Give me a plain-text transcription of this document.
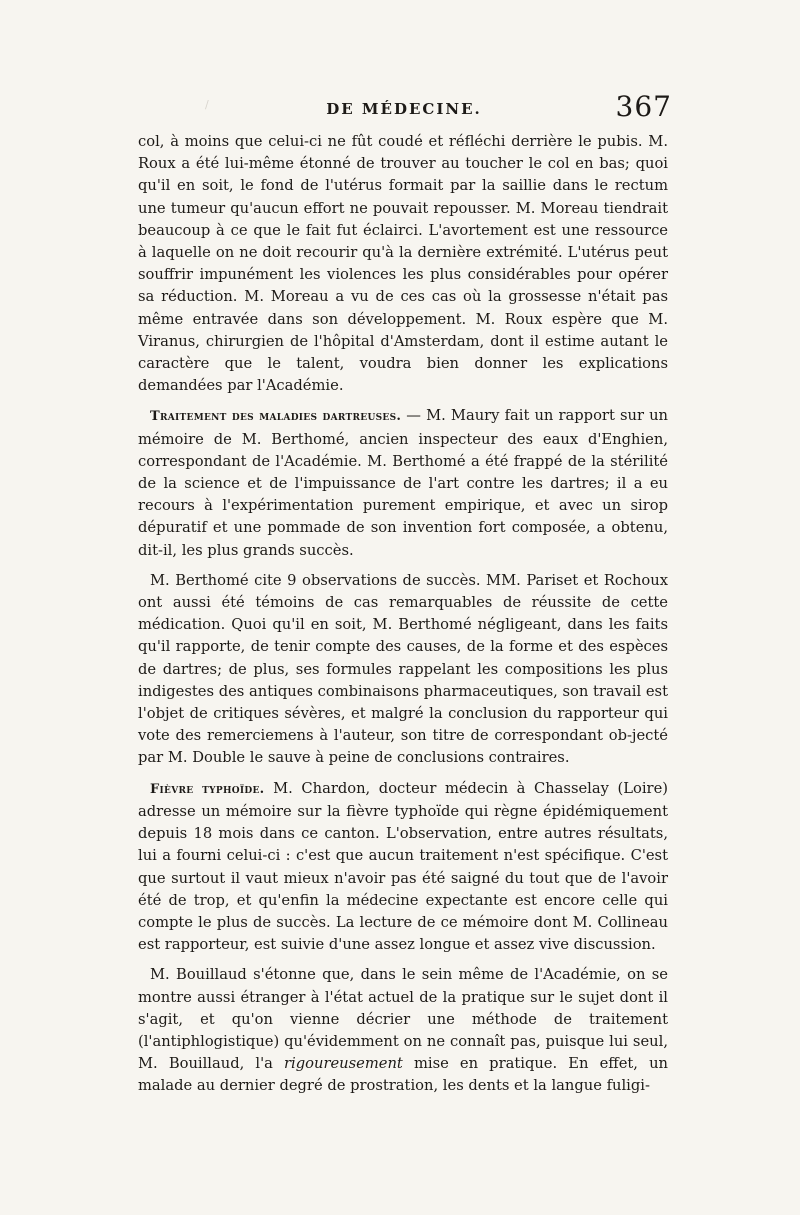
DE MÉDECINE.	367

col, à moins que celui-ci ne fût coudé et réfléchi derrière le pubis. M. Roux a été lui-même étonné de trouver au toucher le col en bas; quoi qu'il en soit, le fond de l'utérus formait par la saillie dans le rectum une tumeur qu'aucun effort ne pouvait repousser. M. Moreau tiendrait beaucoup à ce que le fait fut éclairci. L'avortement est une ressource à laquelle on ne doit recourir qu'à la dernière extrémité. L'utérus peut souffrir impunément les violences les plus considérables pour opérer sa réduction. M. Moreau a vu de ces cas où la grossesse n'était pas même entravée dans son développement. M. Roux espère que M. Viranus, chirurgien de l'hôpital d'Amsterdam, dont il estime autant le caractère que le talent, voudra bien donner les explications demandées par l'Académie.

Traitement des maladies dartreuses. — M. Maury fait un rapport sur un mémoire de M. Berthomé, ancien inspecteur des eaux d'Enghien, correspondant de l'Académie. M. Berthomé a été frappé de la stérilité de la science et de l'impuissance de l'art contre les dartres; il a eu recours à l'expérimentation purement empirique, et avec un sirop dépuratif et une pommade de son invention fort composée, a obtenu, dit-il, les plus grands succès.

M. Berthomé cite 9 observations de succès. MM. Pariset et Rochoux ont aussi été témoins de cas remarquables de réussite de cette médication. Quoi qu'il en soit, M. Berthomé négligeant, dans les faits qu'il rapporte, de tenir compte des causes, de la forme et des espèces de dartres; de plus, ses formules rappelant les compositions les plus indigestes des antiques combinaisons pharmaceutiques, son travail est l'objet de critiques sévères, et malgré la conclusion du rapporteur qui vote des remerciemens à l'auteur, son titre de correspondant ob-jecté par M. Double le sauve à peine de conclusions contraires.

Fièvre typhoïde. M. Chardon, docteur médecin à Chasselay (Loire) adresse un mémoire sur la fièvre typhoïde qui règne épidémiquement depuis 18 mois dans ce canton. L'observation, entre autres résultats, lui a fourni celui-ci : c'est que aucun traitement n'est spécifique. C'est que surtout il vaut mieux n'avoir pas été saigné du tout que de l'avoir été de trop, et qu'enfin la médecine expectante est encore celle qui compte le plus de succès. La lecture de ce mémoire dont M. Collineau est rapporteur, est suivie d'une assez longue et assez vive discussion.

M. Bouillaud s'étonne que, dans le sein même de l'Académie, on se montre aussi étranger à l'état actuel de la pratique sur le sujet dont il s'agit, et qu'on vienne décrier une méthode de traitement (l'antiphlogistique) qu'évidemment on ne connaît pas, puisque lui seul, M. Bouillaud, l'a rigoureusement mise en pratique. En effet, un malade au dernier degré de prostration, les dents et la langue fuligi-

/
